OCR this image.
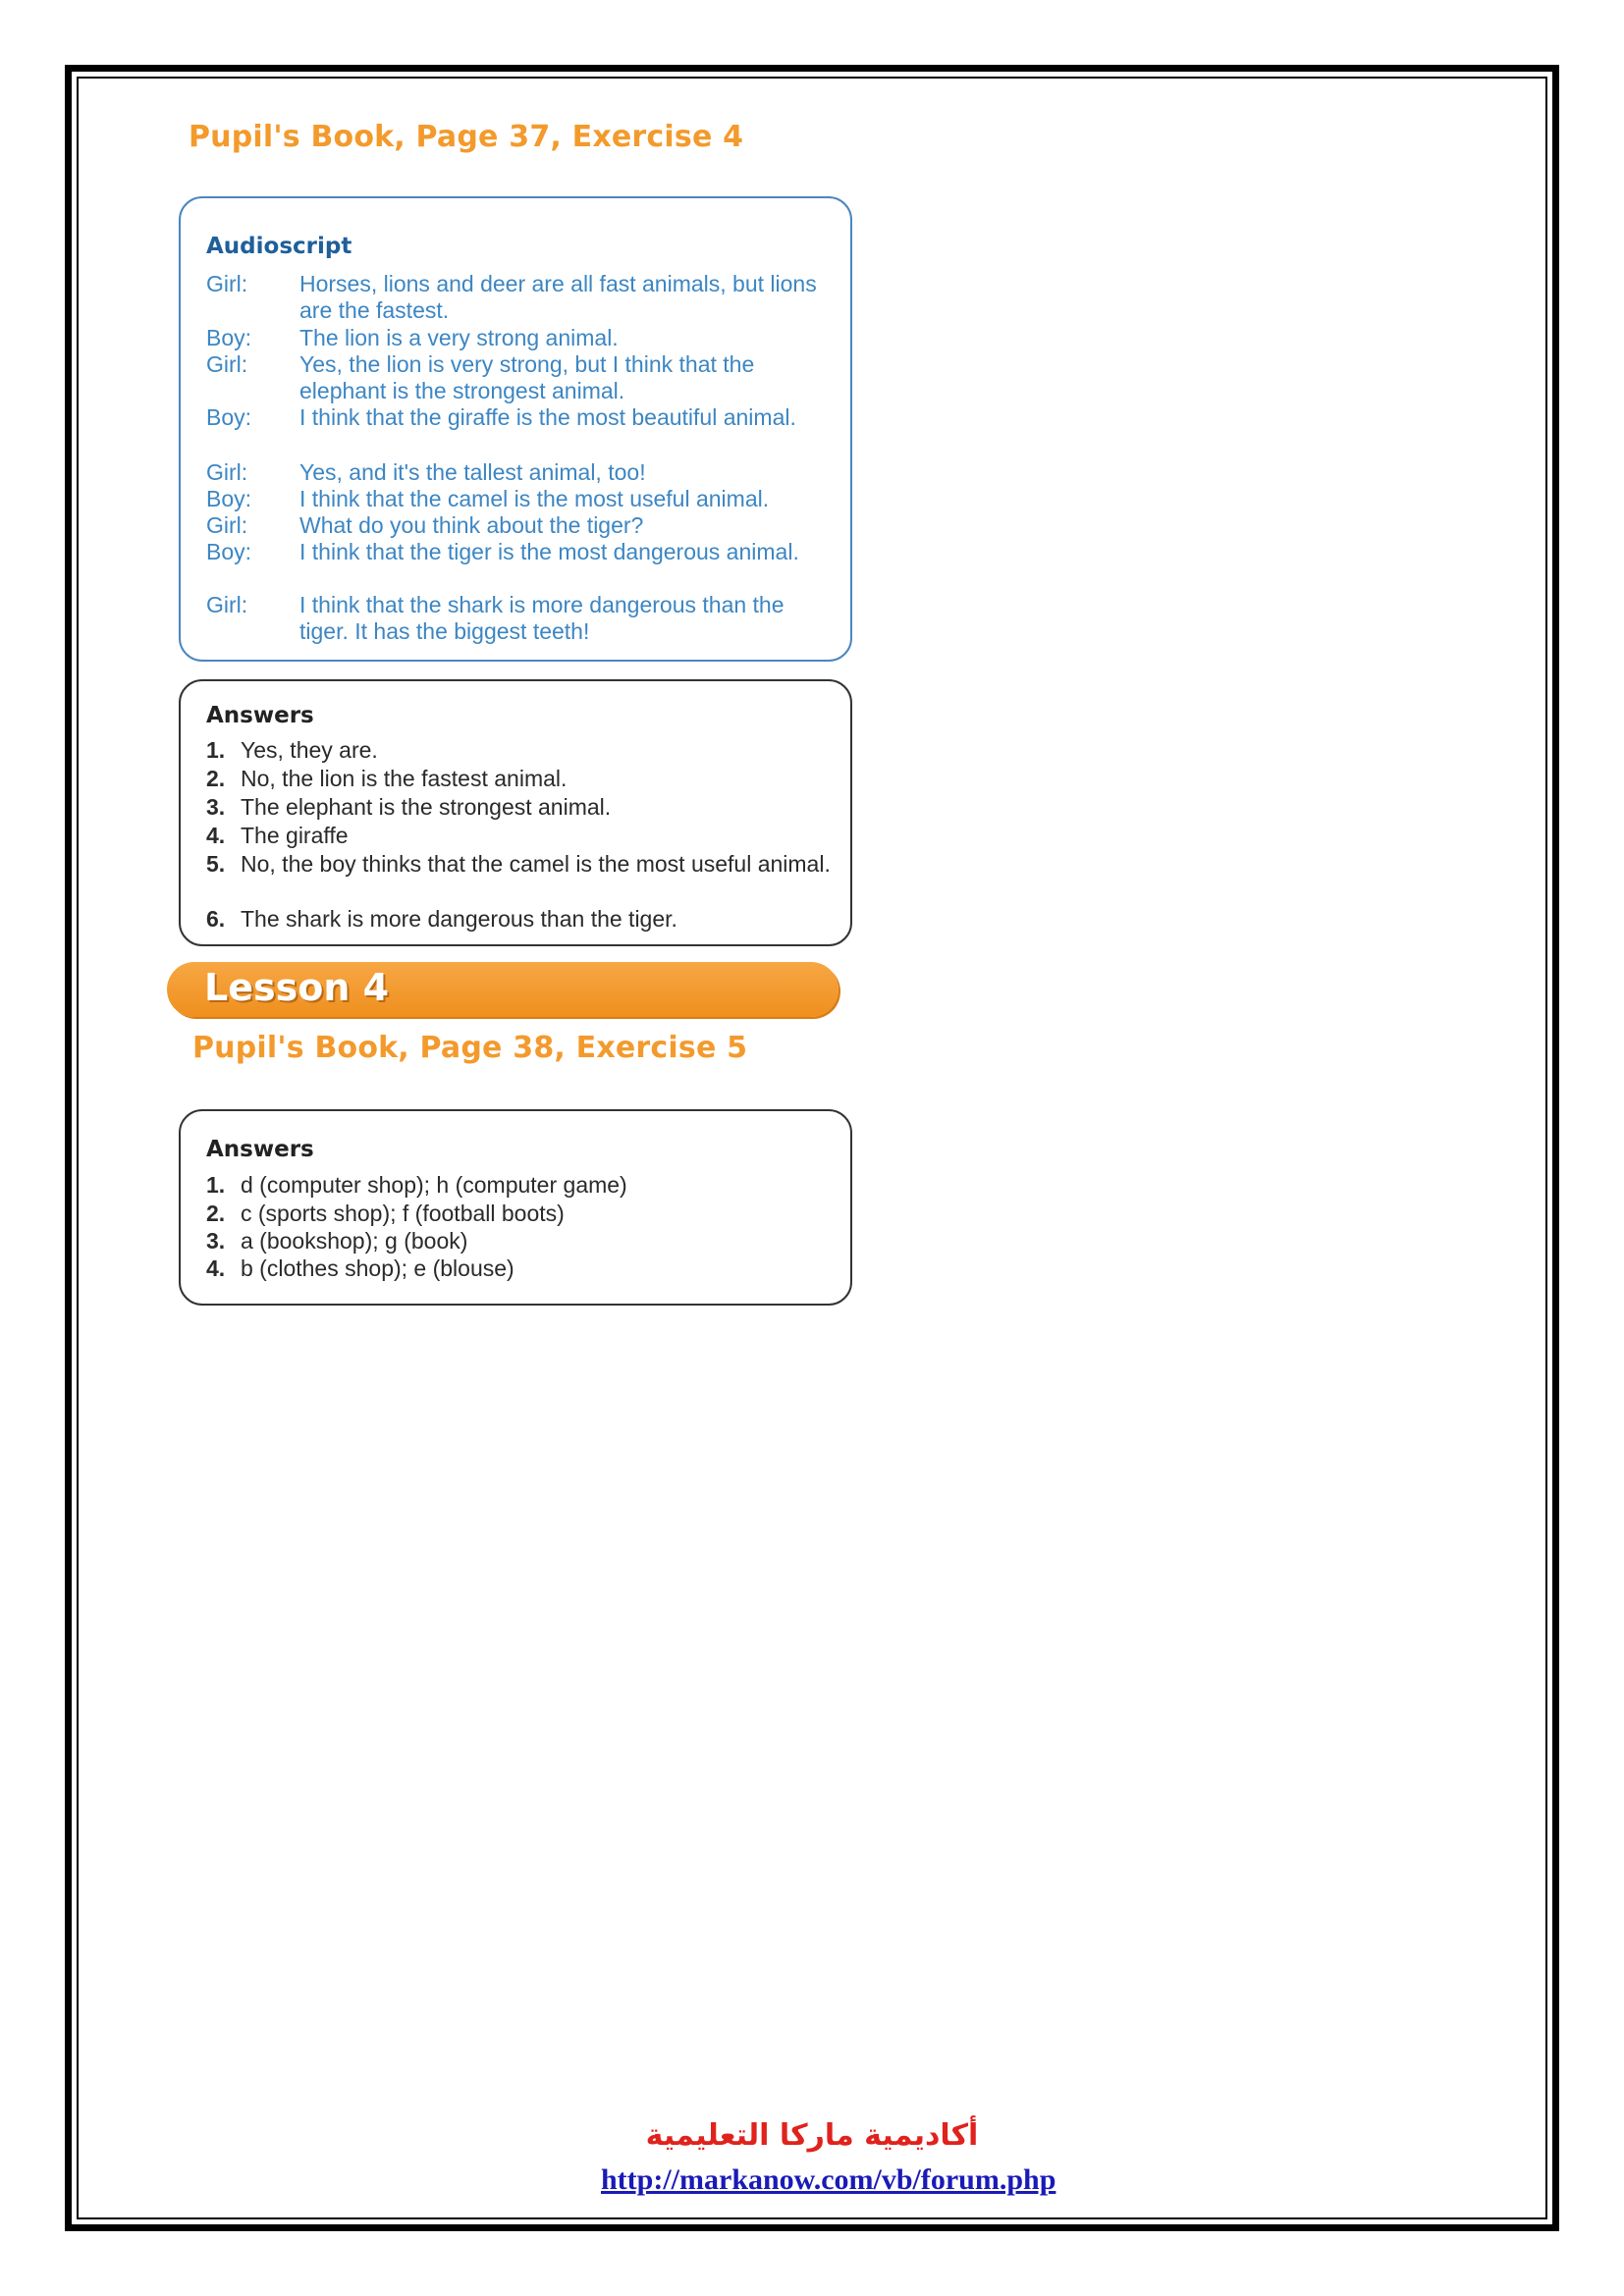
Pupil's Book, Page 37, Exercise 4
Audioscript
Girl:	Horses, lions and deer are all fast animals, but lions are the fastest.
Boy:	The lion is a very strong animal.
Girl:	Yes, the lion is very strong, but I think that the elephant is the strongest animal.
Boy:	I think that the giraffe is the most beautiful animal.
Girl:	Yes, and it's the tallest animal, too!
Boy:	I think that the camel is the most useful animal.
Girl:	What do you think about the tiger?
Boy:	I think that the tiger is the most dangerous animal.
Girl:	I think that the shark is more dangerous than the tiger. It has the biggest teeth!
Answers
1. Yes, they are.
2. No, the lion is the fastest animal.
3. The elephant is the strongest animal.
4. The giraffe
5. No, the boy thinks that the camel is the most useful animal.
6. The shark is more dangerous than the tiger.
Lesson 4
Pupil's Book, Page 38, Exercise 5
Answers
1. d (computer shop); h (computer game)
2. c (sports shop); f (football boots)
3. a (bookshop); g (book)
4. b (clothes shop); e (blouse)
أكاديمية ماركا التعليمية
http://markanow.com/vb/forum.php
